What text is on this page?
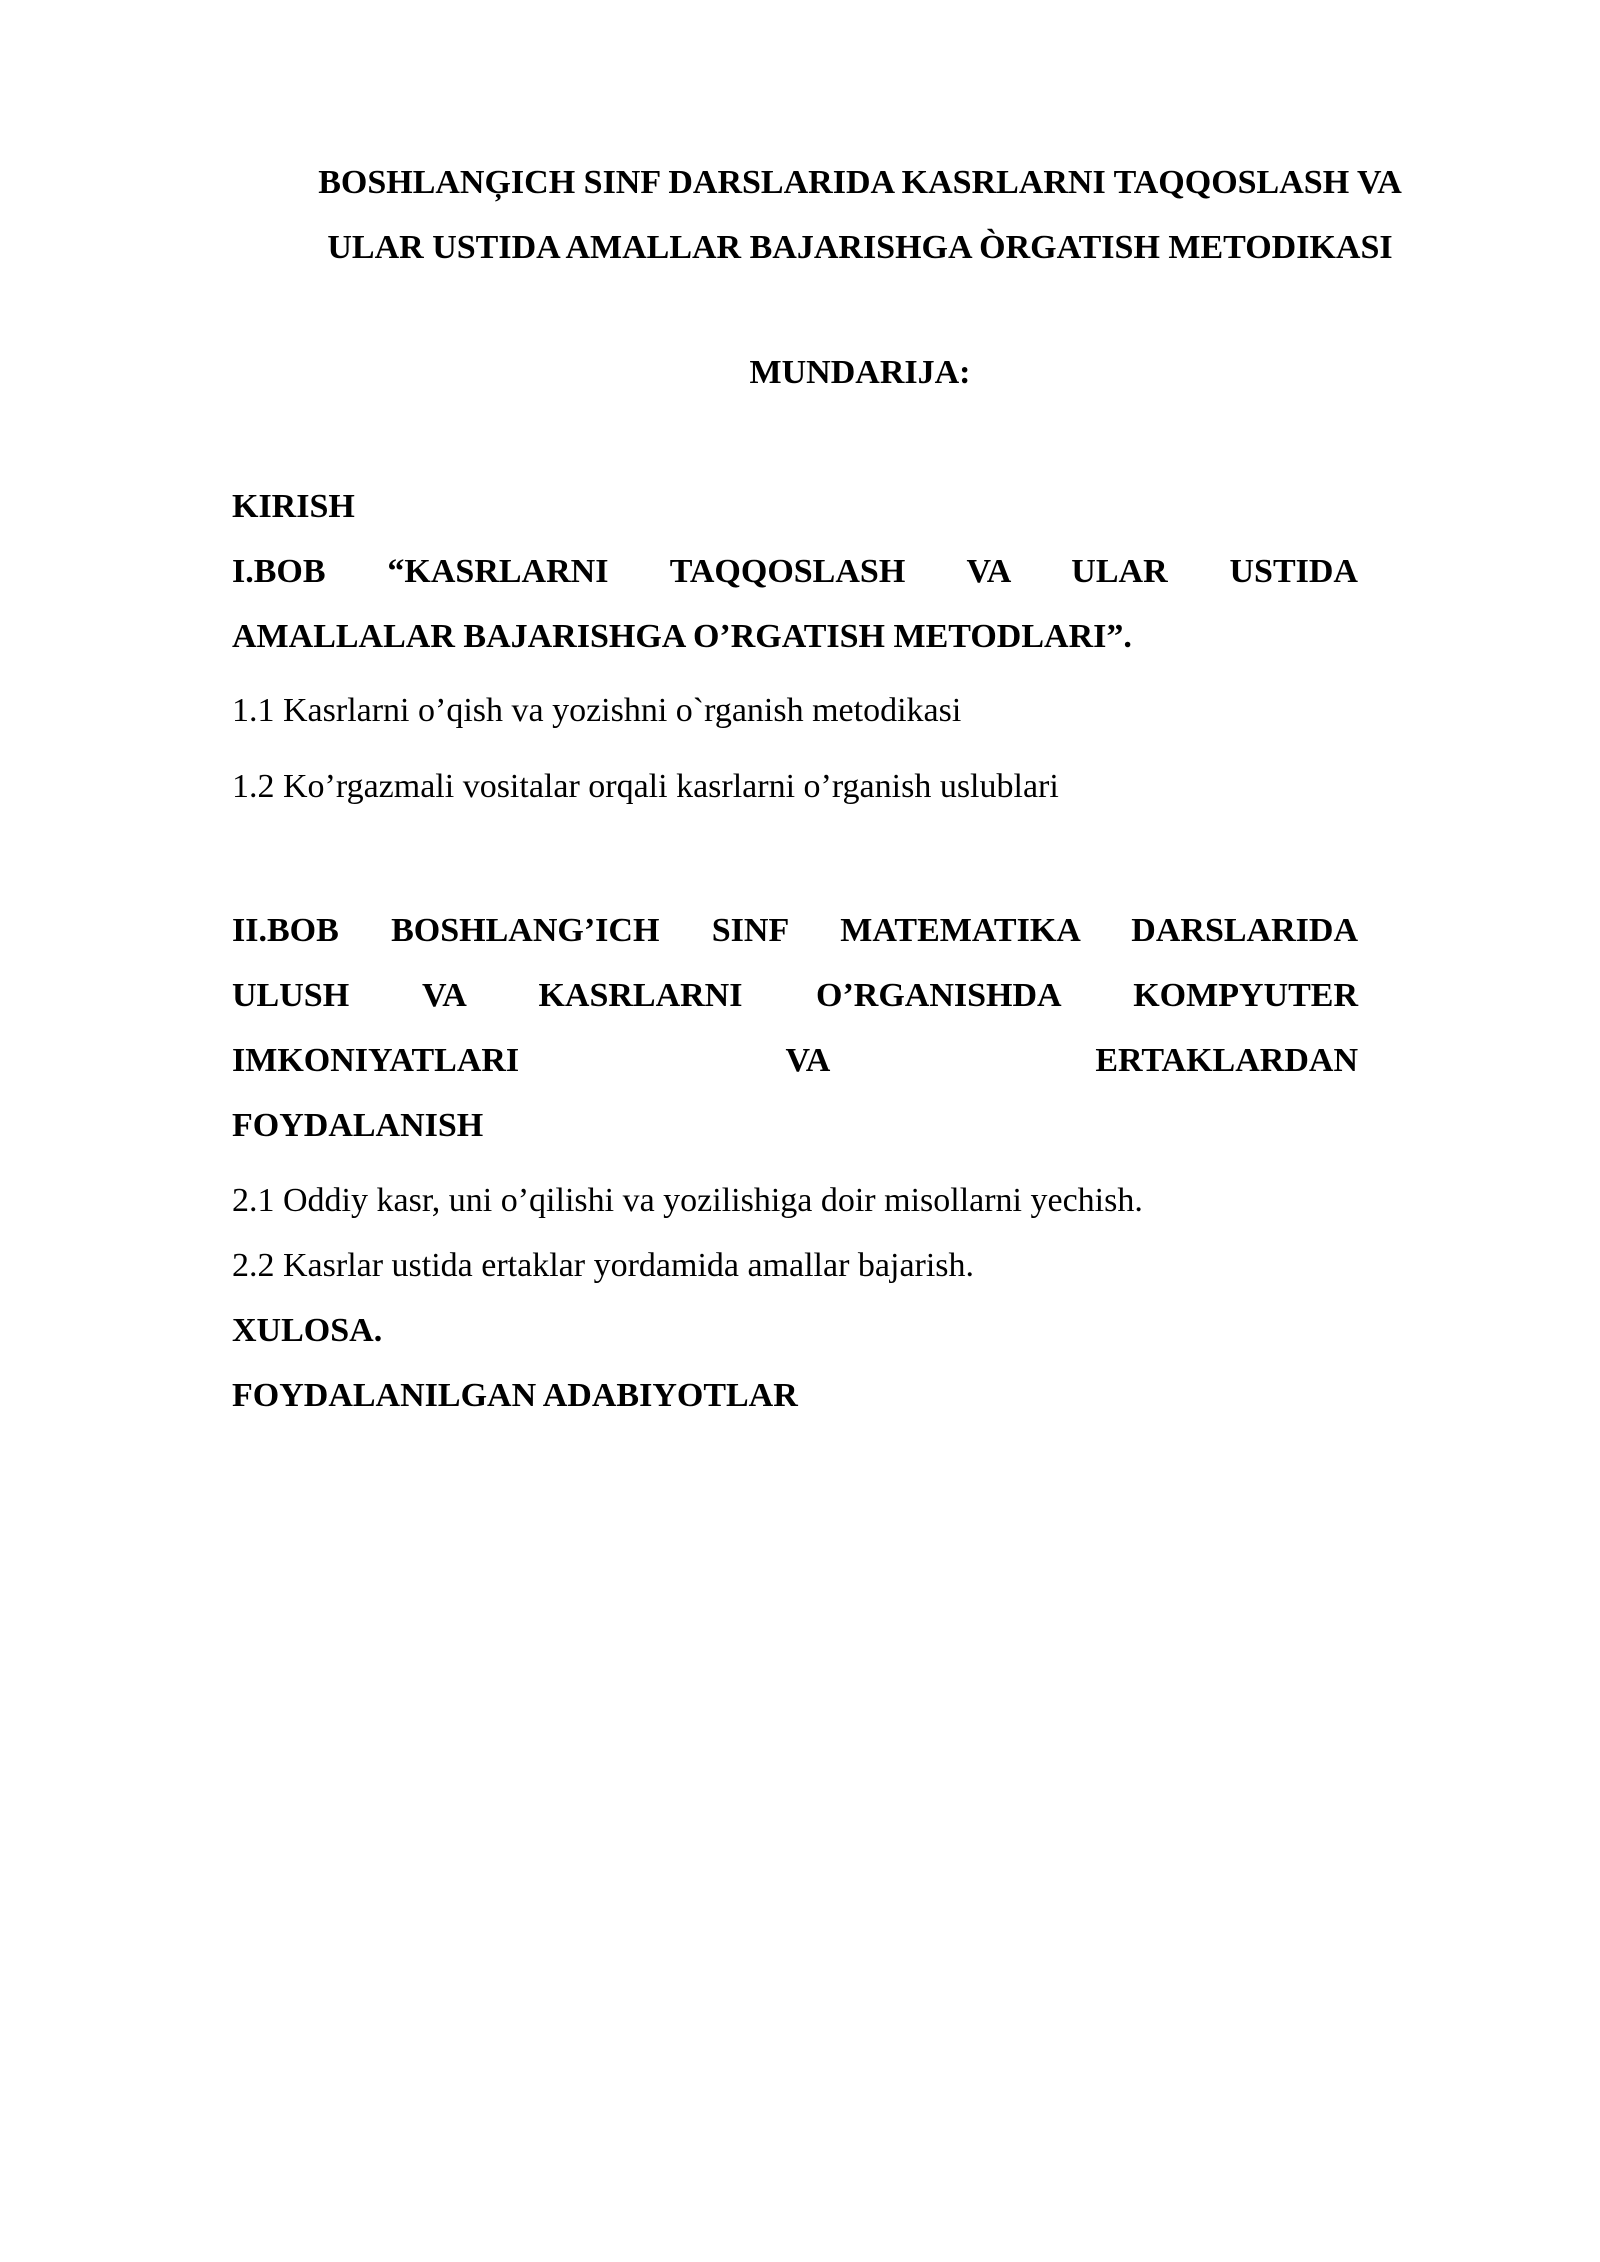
BOSHLANĢICH SINF DARSLARIDA KASRLARNI TAQQOSLASH VA
ULAR USTIDA AMALLAR BAJARISHGA ÒRGATISH METODIKASI
MUNDARIJA:

KIRISH

I.BOB “KASRLARNI TAQQOSLASH VA ULAR USTIDA

AMALLALAR BAJARISHGA O’RGATISH METODLARI”.

1.1 Kasrlarni o’qish va yozishni o`rganish metodikasi

1.2 Ko’rgazmali vositalar orqali kasrlarni o’rganish uslublari

II.BOB BOSHLANG’ICH SINF MATEMATIKA DARSLARIDA

ULUSH VA KASRLARNI O’RGANISHDA KOMPYUTER

IMKONIYATLARI VA ERTAKLARDAN

FOYDALANISH

2.1 Oddiy kasr, uni o’qilishi va yozilishiga doir misollarni yechish.

2.2 Kasrlar ustida ertaklar yordamida amallar bajarish.

XULOSA.

FOYDALANILGAN ADABIYOTLAR
